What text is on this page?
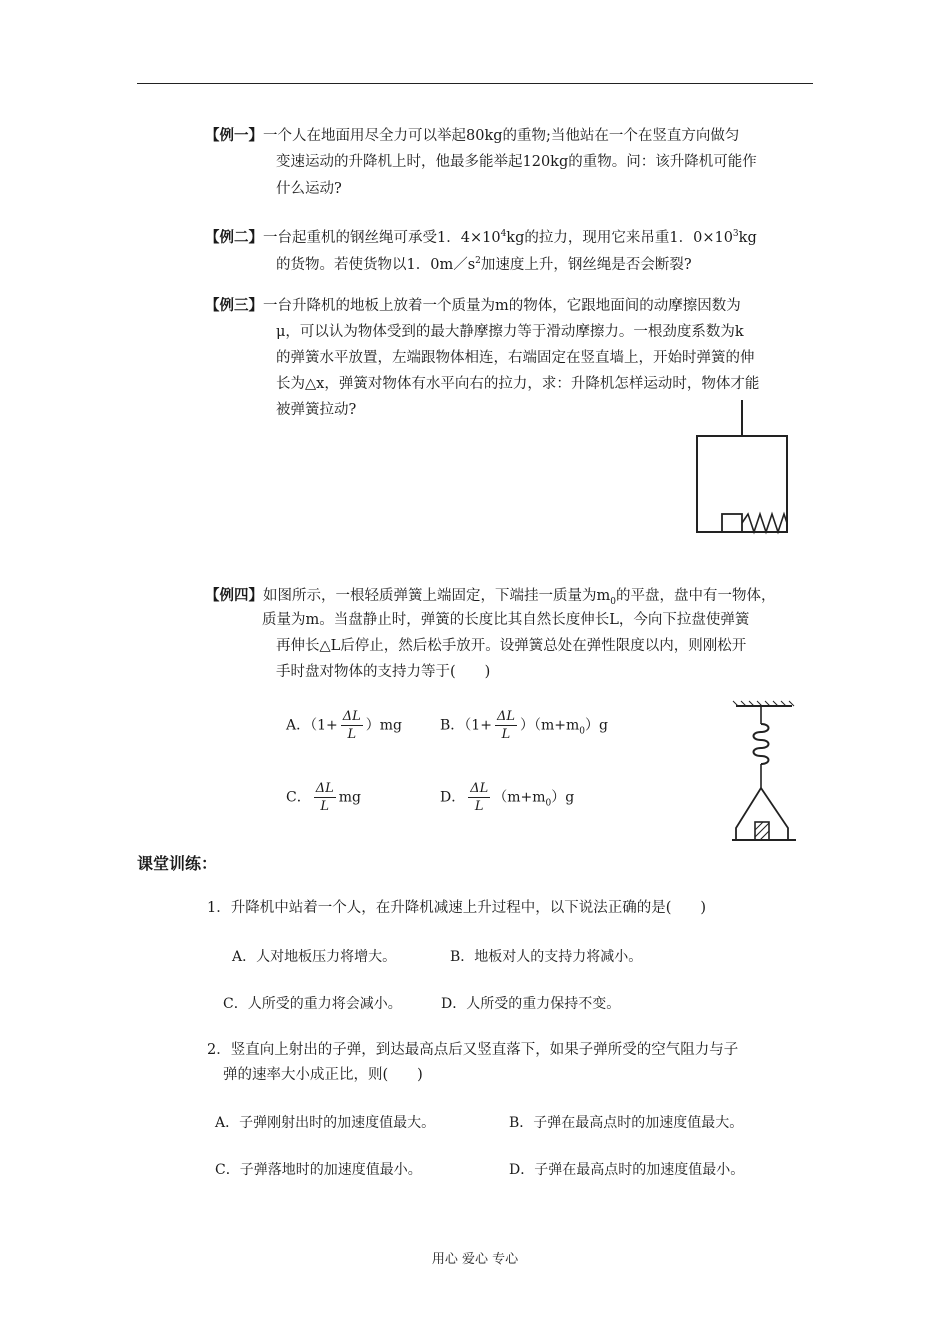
【例一】一个人在地面用尽全力可以举起80kg的重物;当他站在一个在竖直方向做匀
变速运动的升降机上时，他最多能举起120kg的重物。问：该升降机可能作
什么运动?
【例二】一台起重机的钢丝绳可承受1．$4\times 10^4kg$的拉力，现用它来吊重1．$0\times 10^3kg$
的货物。若使货物以1．$0m/s^2$加速度上升，钢丝绳是否会断裂?
【例三】一台升降机的地板上放着一个质量为m的物体，它跟地面间的动摩擦因数为
μ，可以认为物体受到的最大静摩擦力等于滑动摩擦力。一根劲度系数为k
的弹簧水平放置，左端跟物体相连，右端固定在竖直墙上，开始时弹簧的伸
长为△x，弹簧对物体有水平向右的拉力，求：升降机怎样运动时，物体才能
被弹簧拉动?
【例四】如图所示，一根轻质弹簧上端固定，下端挂一质量为$m_0$的平盘，盘中有一物体，
质量为m。当盘静止时，弹簧的长度比其自然长度伸长L，今向下拉盘使弹簧
再伸长△L后停止，然后松手放开。设弹簧总处在弹性限度以内，则刚松开
手时盘对物体的支持力等于(　　)
A．$(1+ \frac{\Delta L}{L} )mg$	B．$(1+ \frac{\Delta L}{L} )(m+m_0)g$
C． $\frac{\Delta L}{L}$ mg	D． $\frac{\Delta L}{L} (m+m_0)g$
课堂训练：
1．升降机中站着一个人，在升降机减速上升过程中，以下说法正确的是(　　)
A．人对地板压力将增大。	B．地板对人的支持力将减小。
C．人所受的重力将会减小。	D．人所受的重力保持不变。
2．竖直向上射出的子弹，到达最高点后又竖直落下，如果子弹所受的空气阻力与子
弹的速率大小成正比，则(　　)
A．子弹刚射出时的加速度值最大。	B．子弹在最高点时的加速度值最大。
C．子弹落地时的加速度值最小。	D．子弹在最高点时的加速度值最小。
用心 爱心 专心
